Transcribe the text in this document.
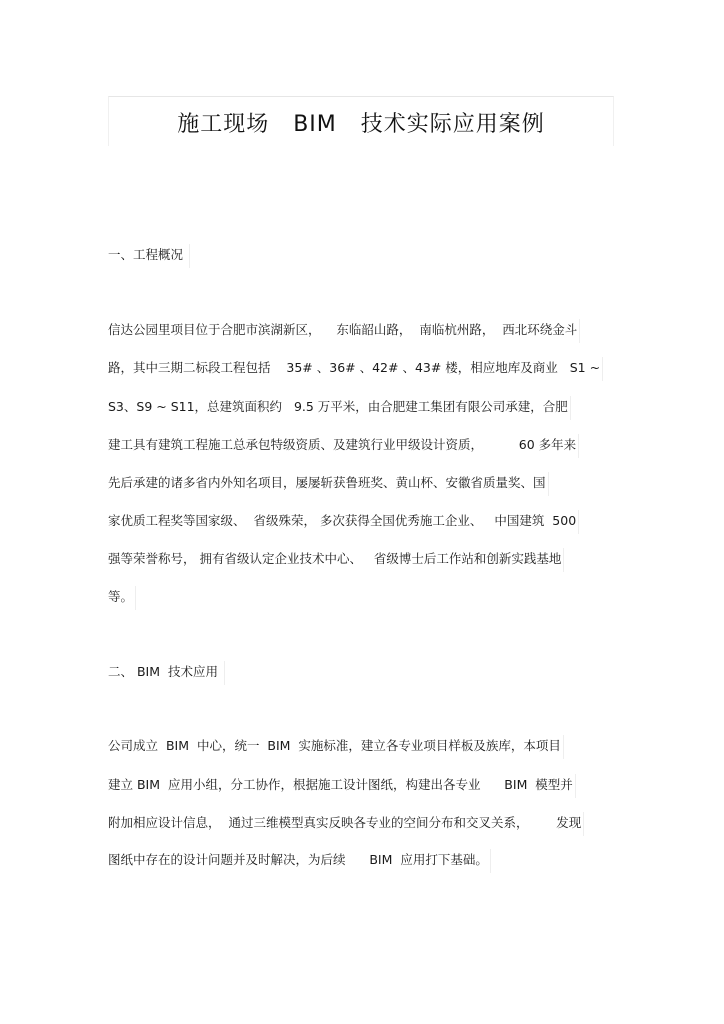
施工现场   BIM   技术实际应用案例
一、工程概况
信达公园里项目位于合肥市滨湖新区，    东临韶山路，  南临杭州路，  西北环绕金斗
路，其中三期二标段工程包括    35# 、36# 、42# 、43# 楼，相应地库及商业   S1 ~
S3、S9 ~ S11，总建筑面积约   9.5 万平米，由合肥建工集团有限公司承建，合肥
建工具有建筑工程施工总承包特级资质、及建筑行业甲级设计资质，         60 多年来
先后承建的诸多省内外知名项目，屡屡斩获鲁班奖、黄山杯、安徽省质量奖、国
家优质工程奖等国家级、  省级殊荣， 多次获得全国优秀施工企业、   中国建筑  500
强等荣誉称号， 拥有省级认定企业技术中心、   省级博士后工作站和创新实践基地
等。
二、 BIM  技术应用
公司成立  BIM  中心，统一  BIM  实施标准，建立各专业项目样板及族库，本项目
建立 BIM  应用小组，分工协作，根据施工设计图纸，构建出各专业      BIM  模型并
附加相应设计信息，  通过三维模型真实反映各专业的空间分布和交叉关系，       发现
图纸中存在的设计问题并及时解决，为后续      BIM  应用打下基础。
